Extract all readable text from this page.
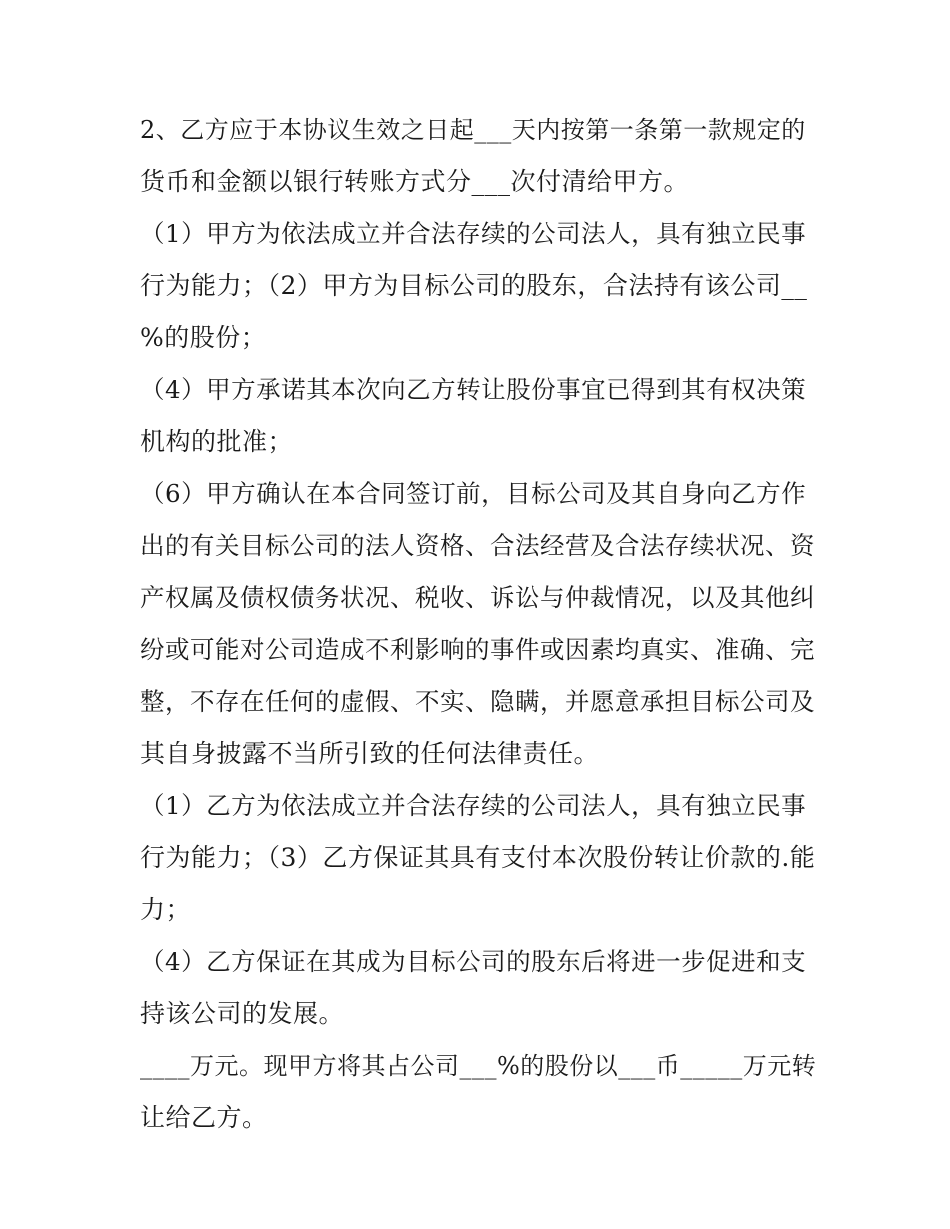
2、乙方应于本协议生效之日起___天内按第一条第一款规定的
货币和金额以银行转账方式分___次付清给甲方。
（1）甲方为依法成立并合法存续的公司法人，具有独立民事
行为能力；（2）甲方为目标公司的股东，合法持有该公司__
%的股份；
（4）甲方承诺其本次向乙方转让股份事宜已得到其有权决策
机构的批准；
（6）甲方确认在本合同签订前，目标公司及其自身向乙方作
出的有关目标公司的法人资格、合法经营及合法存续状况、资
产权属及债权债务状况、税收、诉讼与仲裁情况，以及其他纠
纷或可能对公司造成不利影响的事件或因素均真实、准确、完
整，不存在任何的虚假、不实、隐瞒，并愿意承担目标公司及
其自身披露不当所引致的任何法律责任。
（1）乙方为依法成立并合法存续的公司法人，具有独立民事
行为能力；（3）乙方保证其具有支付本次股份转让价款的.能
力；
（4）乙方保证在其成为目标公司的股东后将进一步促进和支
持该公司的发展。
____万元。现甲方将其占公司___%的股份以___币_____万元转
让给乙方。
